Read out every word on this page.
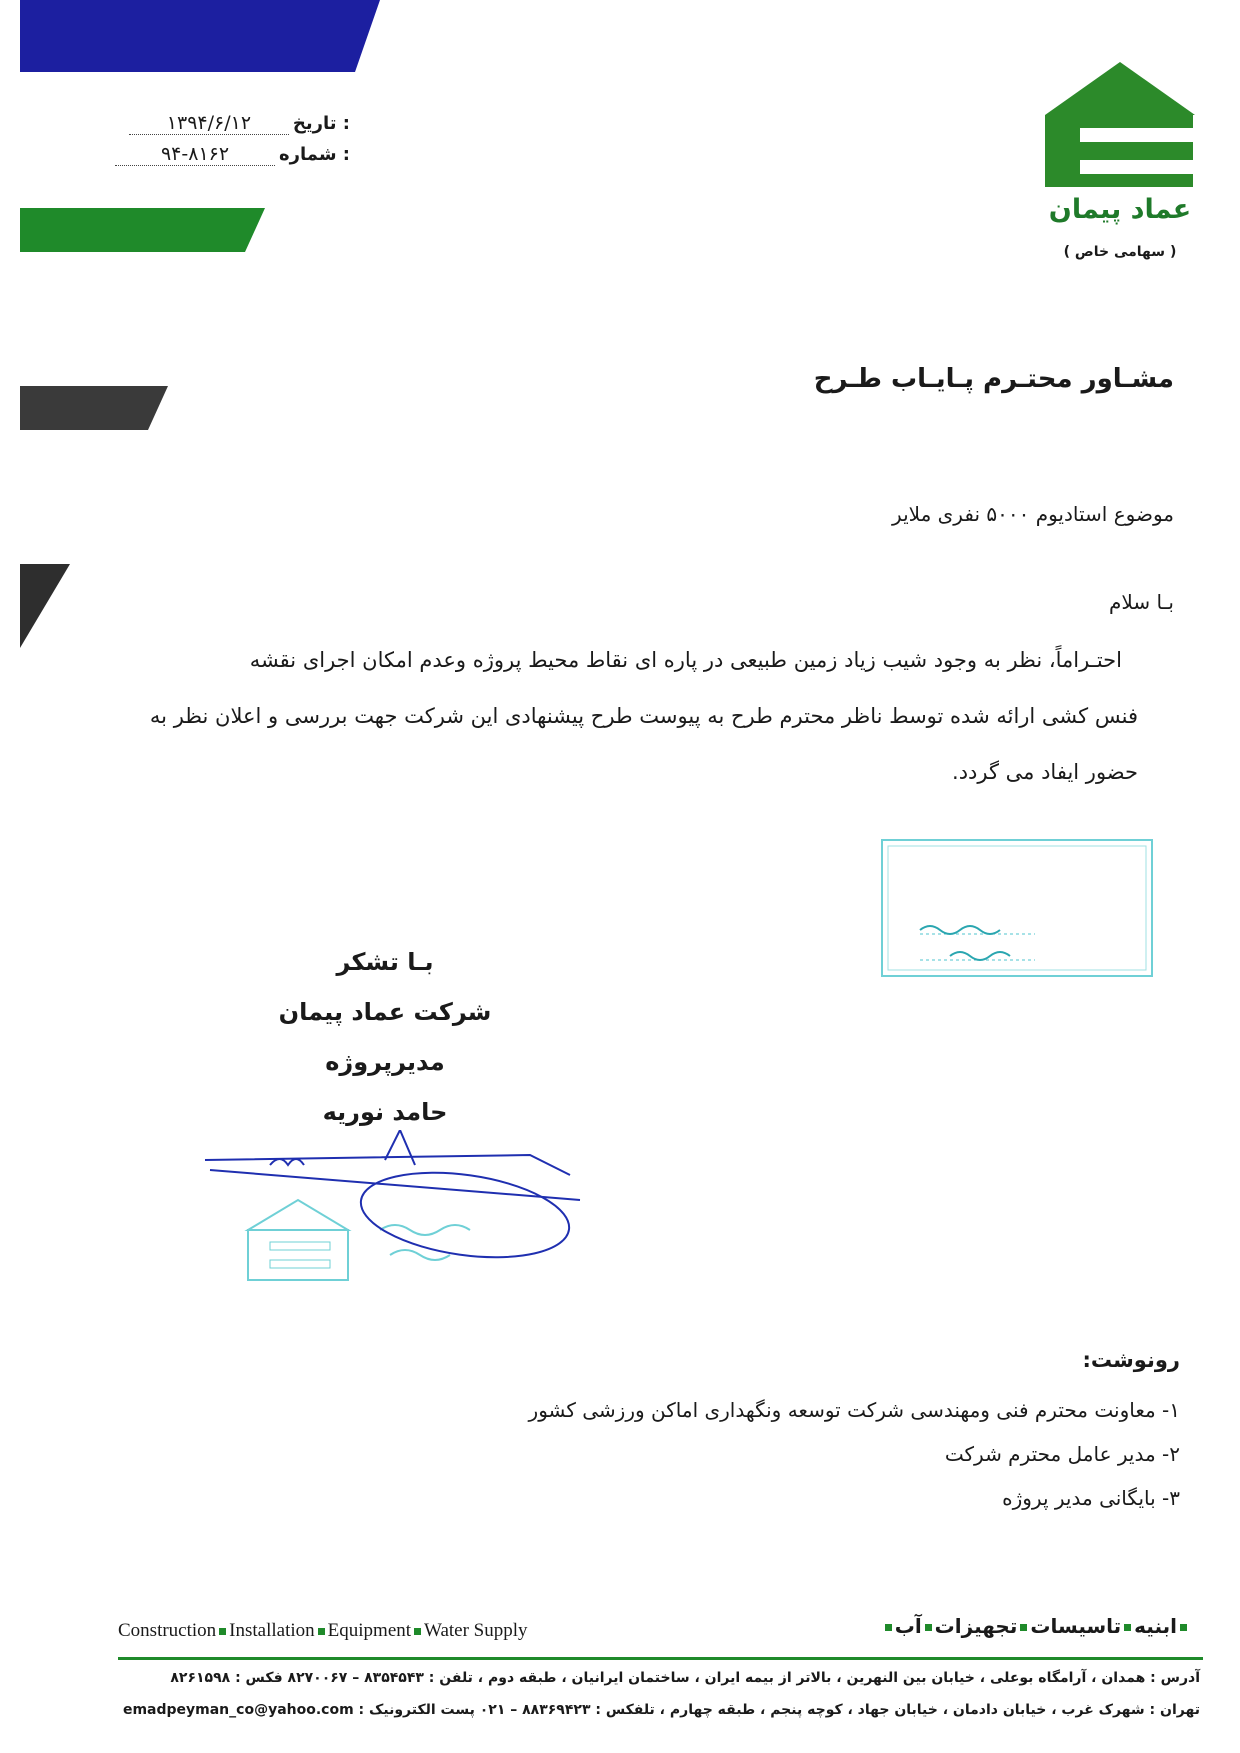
عماد پیمان
( سهامی خاص )
: تاریخ
۱۳۹۴/۶/۱۲
: شماره
۹۴-۸۱۶۲
مشـاور محتـرم پـایـاب طـرح
موضوع استادیوم ۵۰۰۰ نفری ملایر
بـا سلام
احتـراماً، نظر به وجود شیب زیاد زمین طبیعی در پاره ای نقاط محیط پروژه وعدم امکان اجرای نقشه
فنس کشی ارائه شده توسط ناظر محترم طرح به پیوست طرح پیشنهادی این شرکت جهت بررسی و اعلان نظر به
حضور ایفاد می گردد.
بـا تشکر
شرکت عماد پیمان
مدیرپروژه
حامد نوریه
رونوشت:
۱- معاونت محترم فنی ومهندسی شرکت توسعه ونگهداری اماکن ورزشی کشور
۲- مدیر عامل محترم شرکت
۳- بایگانی مدیر پروژه
Construction Installation Equipment Water Supply	ابنیهتاسیساتتجهیزاتآب
آدرس : همدان ، آرامگاه بوعلی ، خیابان بین النهرین ، بالاتر از بیمه ایران ، ساختمان ایرانیان ، طبقه دوم ، تلفن : ۸۳۵۴۵۴۳ – ۸۲۷۰۰۶۷ فکس : ۸۲۶۱۵۹۸
تهران : شهرک غرب ، خیابان دادمان ، خیابان جهاد ، کوچه پنجم ، طبقه چهارم ، تلفکس : ۸۸۳۶۹۴۲۳ – ۰۲۱ پست الکترونیک : emadpeyman_co@yahoo.com
